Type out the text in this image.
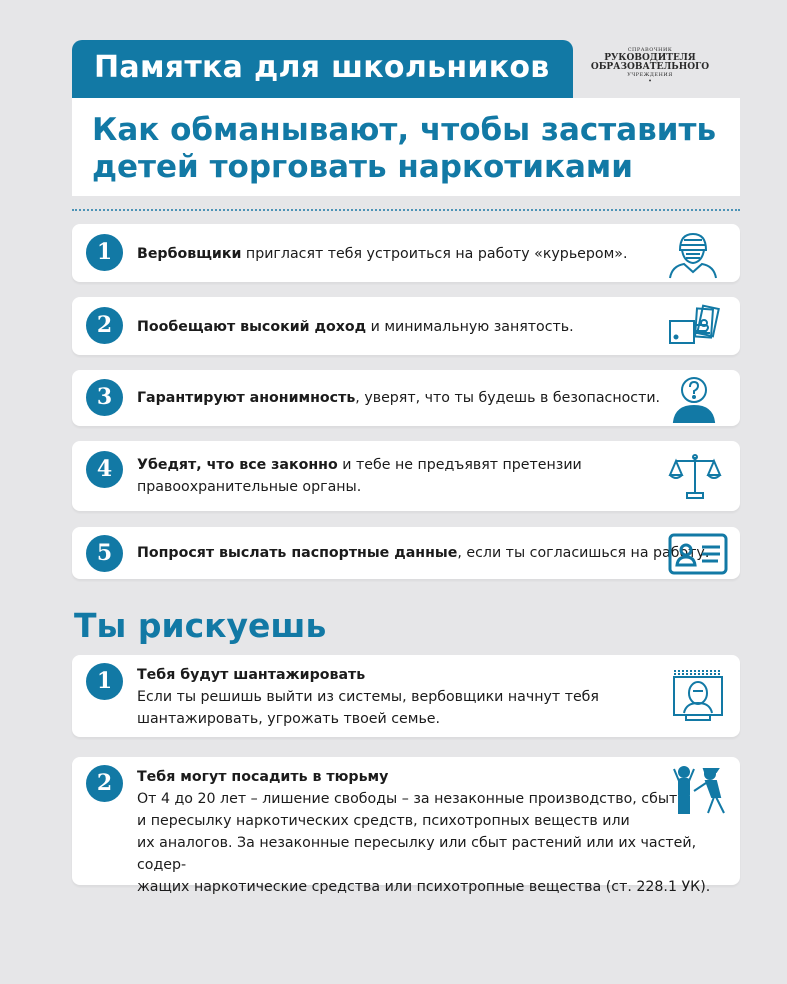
Памятка для школьников	СПРАВОЧНИК
РУКОВОДИТЕЛЯ
ОБРАЗОВАТЕЛЬНОГО
УЧРЕЖДЕНИЯ
•
Как обманывают, чтобы заставить
детей торговать наркотиками
1	Вербовщики пригласят тебя устроиться на работу «курьером».
2	Пообещают высокий доход и минимальную занятость.
3	Гарантируют анонимность, уверят, что ты будешь в безопасности.
4	Убедят, что все законно и тебе не предъявят претензии
правоохранительные органы.
5	Попросят выслать паспортные данные, если ты согласишься на работу.
Ты рискуешь
1	Тебя будут шантажировать
Если ты решишь выйти из системы, вербовщики начнут тебя
шантажировать, угрожать твоей семье.
2	Тебя могут посадить в тюрьму
От 4 до 20 лет – лишение свободы – за незаконные производство, сбыт
и пересылку наркотических средств, психотропных веществ или
их аналогов. За незаконные пересылку или сбыт растений или их частей, содер-
жащих наркотические средства или психотропные вещества (ст. 228.1 УК).
